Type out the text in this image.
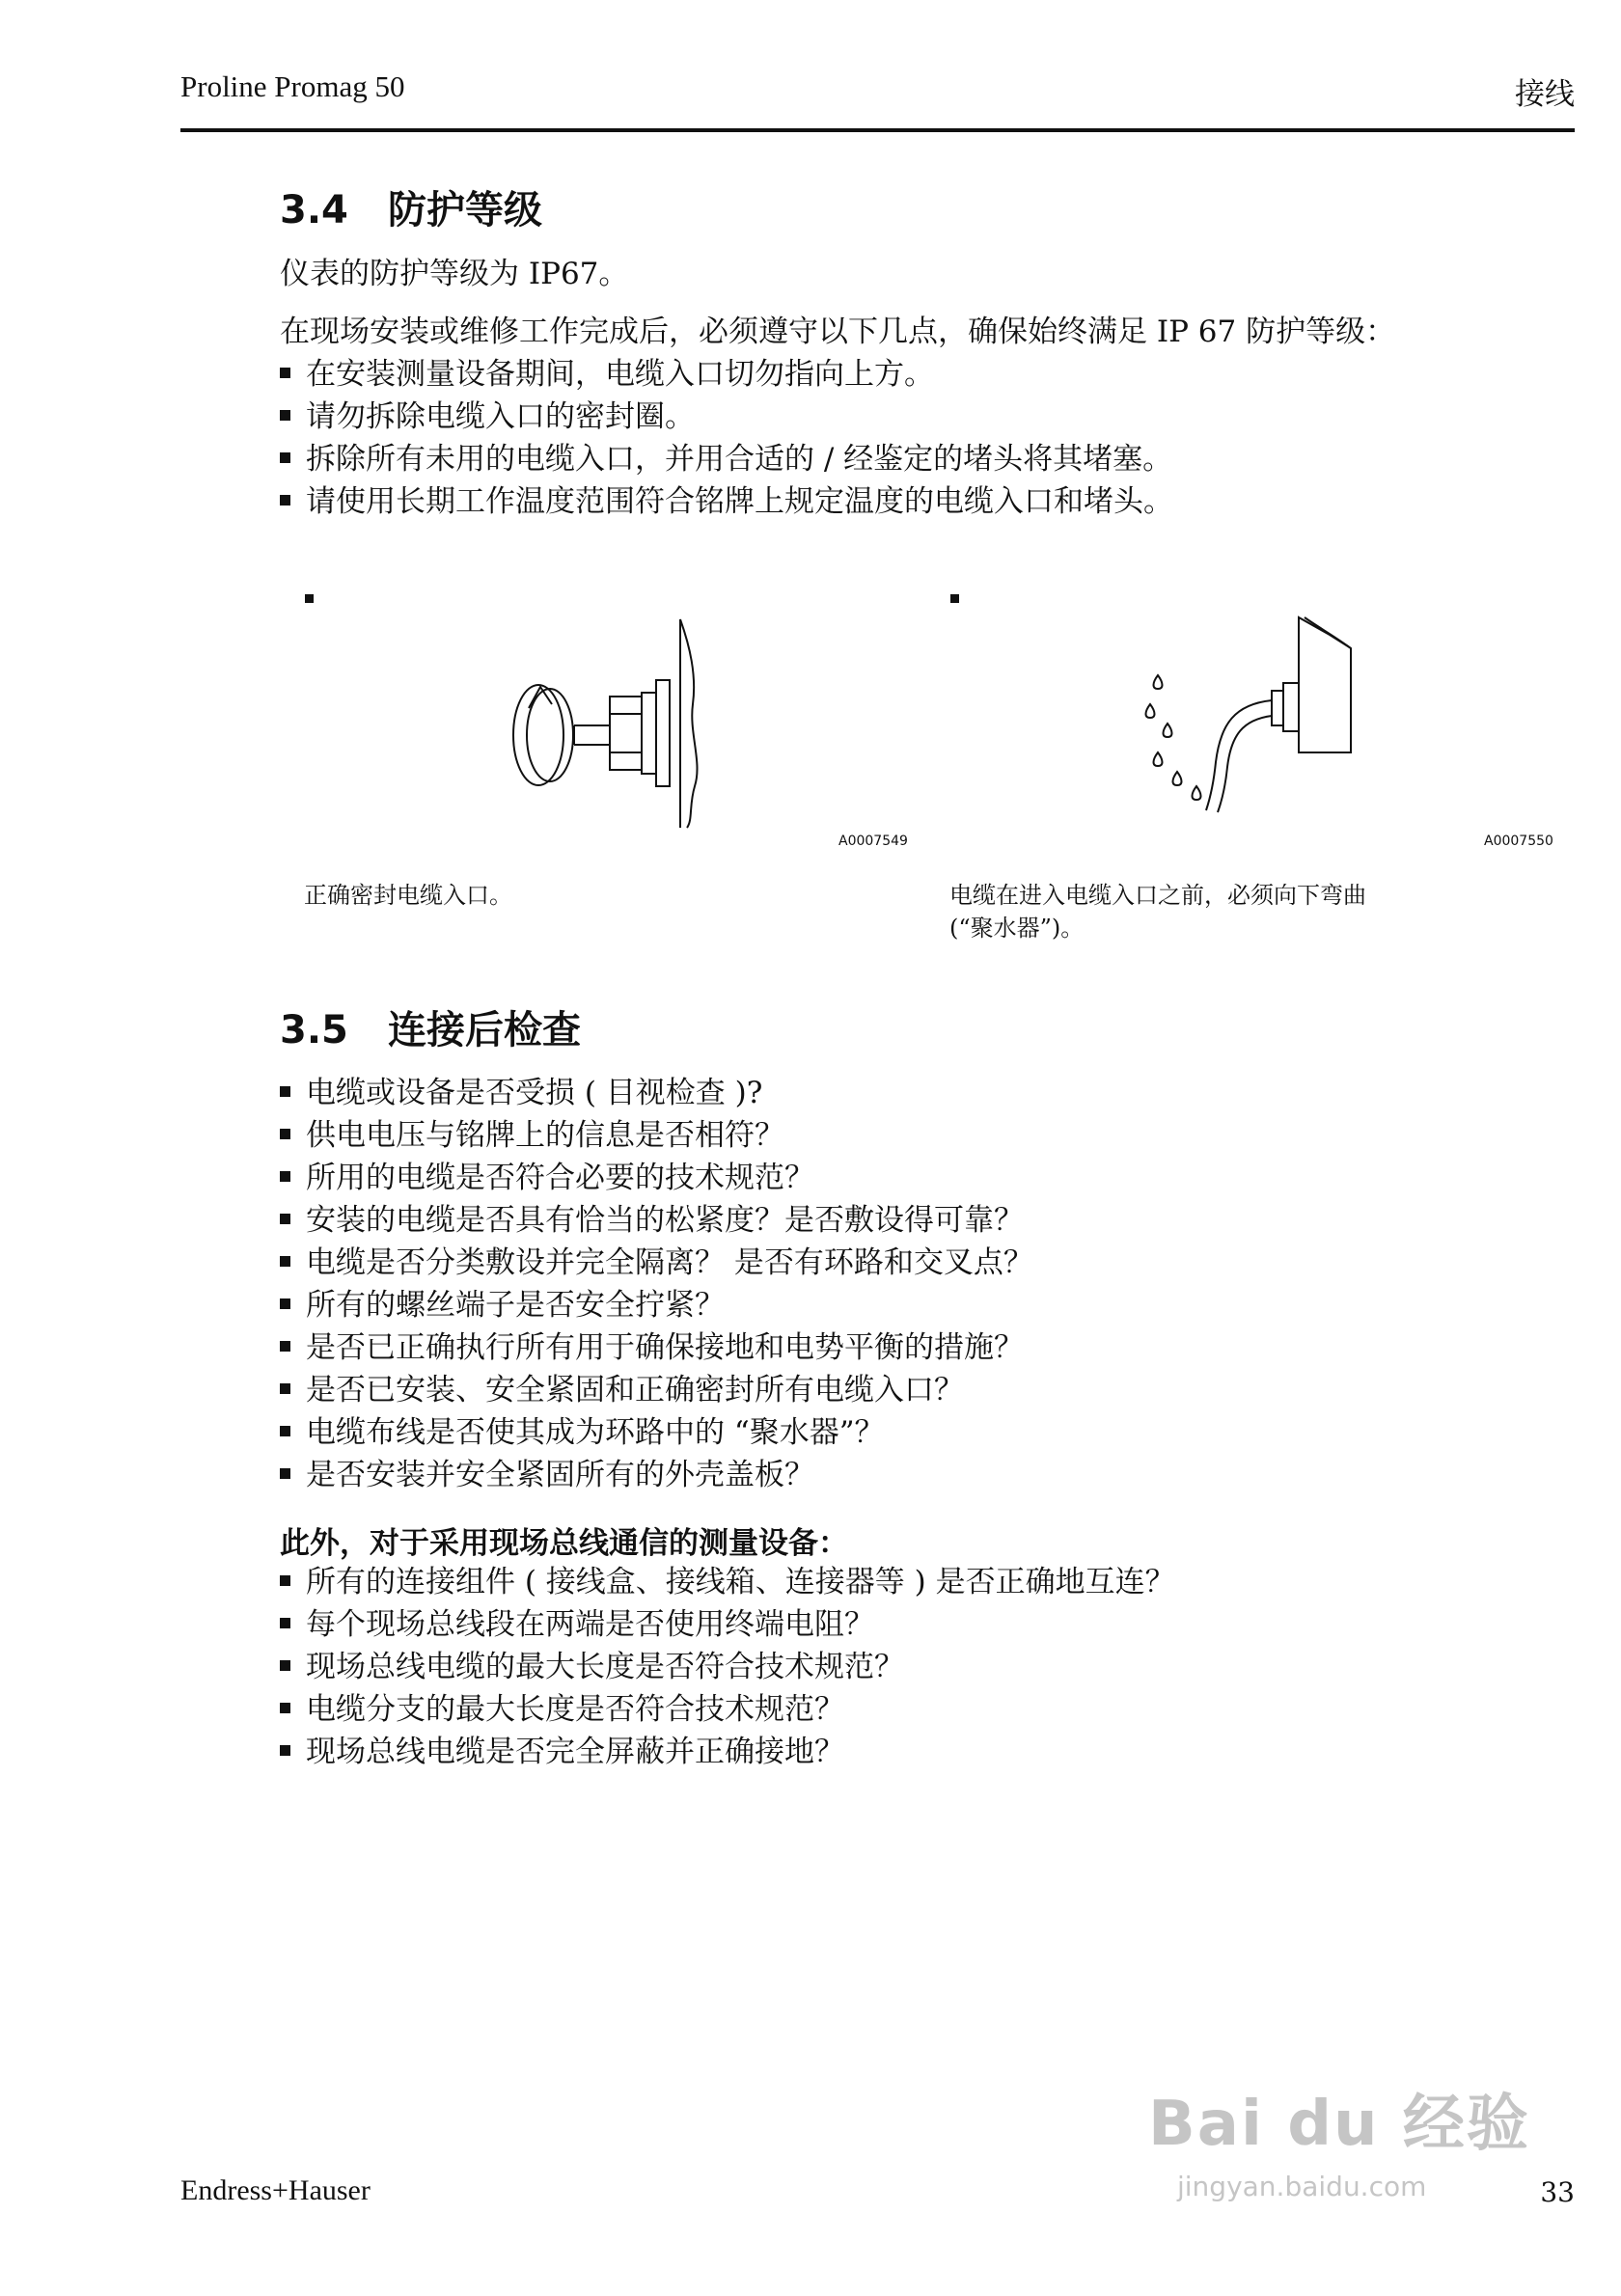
Proline Promag 50	接线
3.4 防护等级
仪表的防护等级为 IP67。
在现场安装或维修工作完成后，必须遵守以下几点，确保始终满足 IP 67 防护等级：
在安装测量设备期间，电缆入口切勿指向上方。
请勿拆除电缆入口的密封圈。
拆除所有未用的电缆入口，并用合适的 / 经鉴定的堵头将其堵塞。
请使用长期工作温度范围符合铭牌上规定温度的电缆入口和堵头。
A0007549
正确密封电缆入口。
A0007550
电缆在进入电缆入口之前，必须向下弯曲
(“聚水器”)。
3.5 连接后检查
电缆或设备是否受损 ( 目视检查 )?
供电电压与铭牌上的信息是否相符？
所用的电缆是否符合必要的技术规范？
安装的电缆是否具有恰当的松紧度？是否敷设得可靠？
电缆是否分类敷设并完全隔离？ 是否有环路和交叉点？
所有的螺丝端子是否安全拧紧？
是否已正确执行所有用于确保接地和电势平衡的措施？
是否已安装、安全紧固和正确密封所有电缆入口？
电缆布线是否使其成为环路中的 “聚水器”？
是否安装并安全紧固所有的外壳盖板？
此外，对于采用现场总线通信的测量设备：
所有的连接组件 ( 接线盒、接线箱、连接器等 ) 是否正确地互连？
每个现场总线段在两端是否使用终端电阻？
现场总线电缆的最大长度是否符合技术规范？
电缆分支的最大长度是否符合技术规范？
现场总线电缆是否完全屏蔽并正确接地？
Bai du 经验
jingyan.baidu.com
Endress+Hauser	33
